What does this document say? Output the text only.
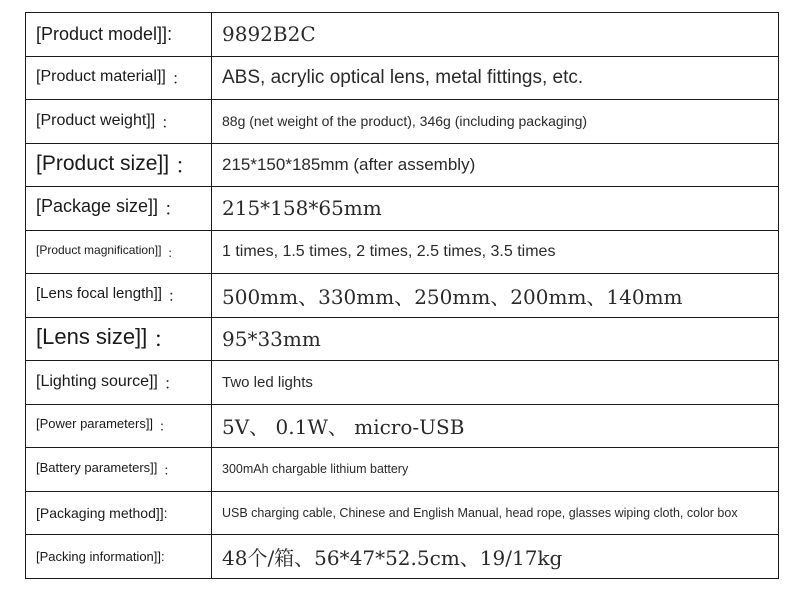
[Product model]]:	9892B2C
[Product material]] ：	ABS, acrylic optical lens, metal fittings, etc.
[Product weight]] ：	88g (net weight of the product), 346g (including packaging)
[Product size]] ：	215*150*185mm (after assembly)
[Package size]] ：	215*158*65mm
[Product magnification]] ：	1 times, 1.5 times, 2 times, 2.5 times, 3.5 times
[Lens focal length]] ：	500mm、330mm、250mm、200mm、140mm
[Lens size]] ：	95*33mm
[Lighting source]] ：	Two led lights
[Power parameters]] ：	5V、 0.1W、 micro-USB
[Battery parameters]] ：	300mAh chargable lithium battery
[Packaging method]]:	USB charging cable, Chinese and English Manual, head rope, glasses wiping cloth, color box
[Packing information]]:	48个/箱、56*47*52.5cm、19/17kg
